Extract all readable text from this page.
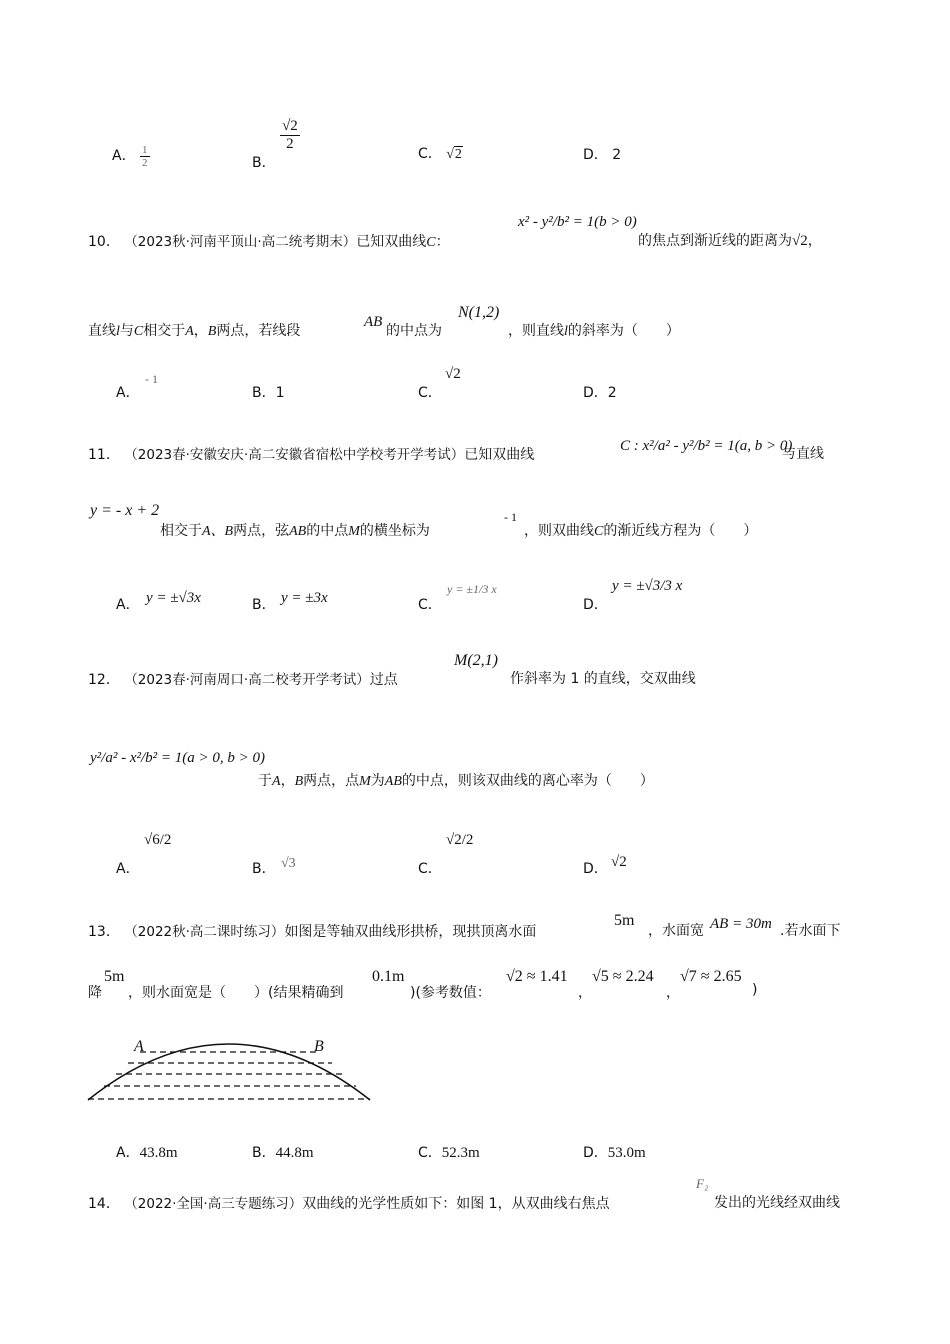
A． $\frac{1}{2}$	B．
$\frac{√2}{2}$
C． √2	D． 2
10． （2023秋·河南平顶山·高二统考期末）已知双曲线C：
x² - y²/b² = 1(b > 0)
的焦点到渐近线的距离为√2，
直线l与C相交于A，B两点，若线段
AB
的中点为
N(1,2)
，则直线l的斜率为（　　）
A．
- 1
B．1	C．
√2
D．2
11． （2023春·安徽安庆·高二安徽省宿松中学校考开学考试）已知双曲线
C : x²/a² - y²/b² = 1(a, b > 0)
与直线
y = - x + 2
相交于A、B两点，弦AB的中点M的横坐标为
- 1
，则双曲线C的渐近线方程为（　　）
A． y = ±√3x	B． y = ±3x	C．
y = ±1/3 x
D．
y = ±√3/3 x
12． （2023春·河南周口·高二校考开学考试）过点
M(2,1)
作斜率为 1 的直线，交双曲线
y²/a² - x²/b² = 1(a > 0, b > 0)
于A，B两点，点M为AB的中点，则该双曲线的离心率为（　　）
A．
√6/2
B． √3	C．
√2/2
D． √2
13． （2022秋·高二课时练习）如图是等轴双曲线形拱桥，现拱顶离水面
5m
，水面宽 AB = 30m .若水面下
降
5m
，则水面宽是（　　）(结果精确到
0.1m
)(参考数值：
√2 ≈ 1.41
，
√5 ≈ 2.24
，
√7 ≈ 2.65
)
A	B
A．43.8m	B．44.8m	C．52.3m	D．53.0m
14． （2022·全国·高三专题练习）双曲线的光学性质如下：如图 1，从双曲线右焦点
F₂
发出的光线经双曲线
